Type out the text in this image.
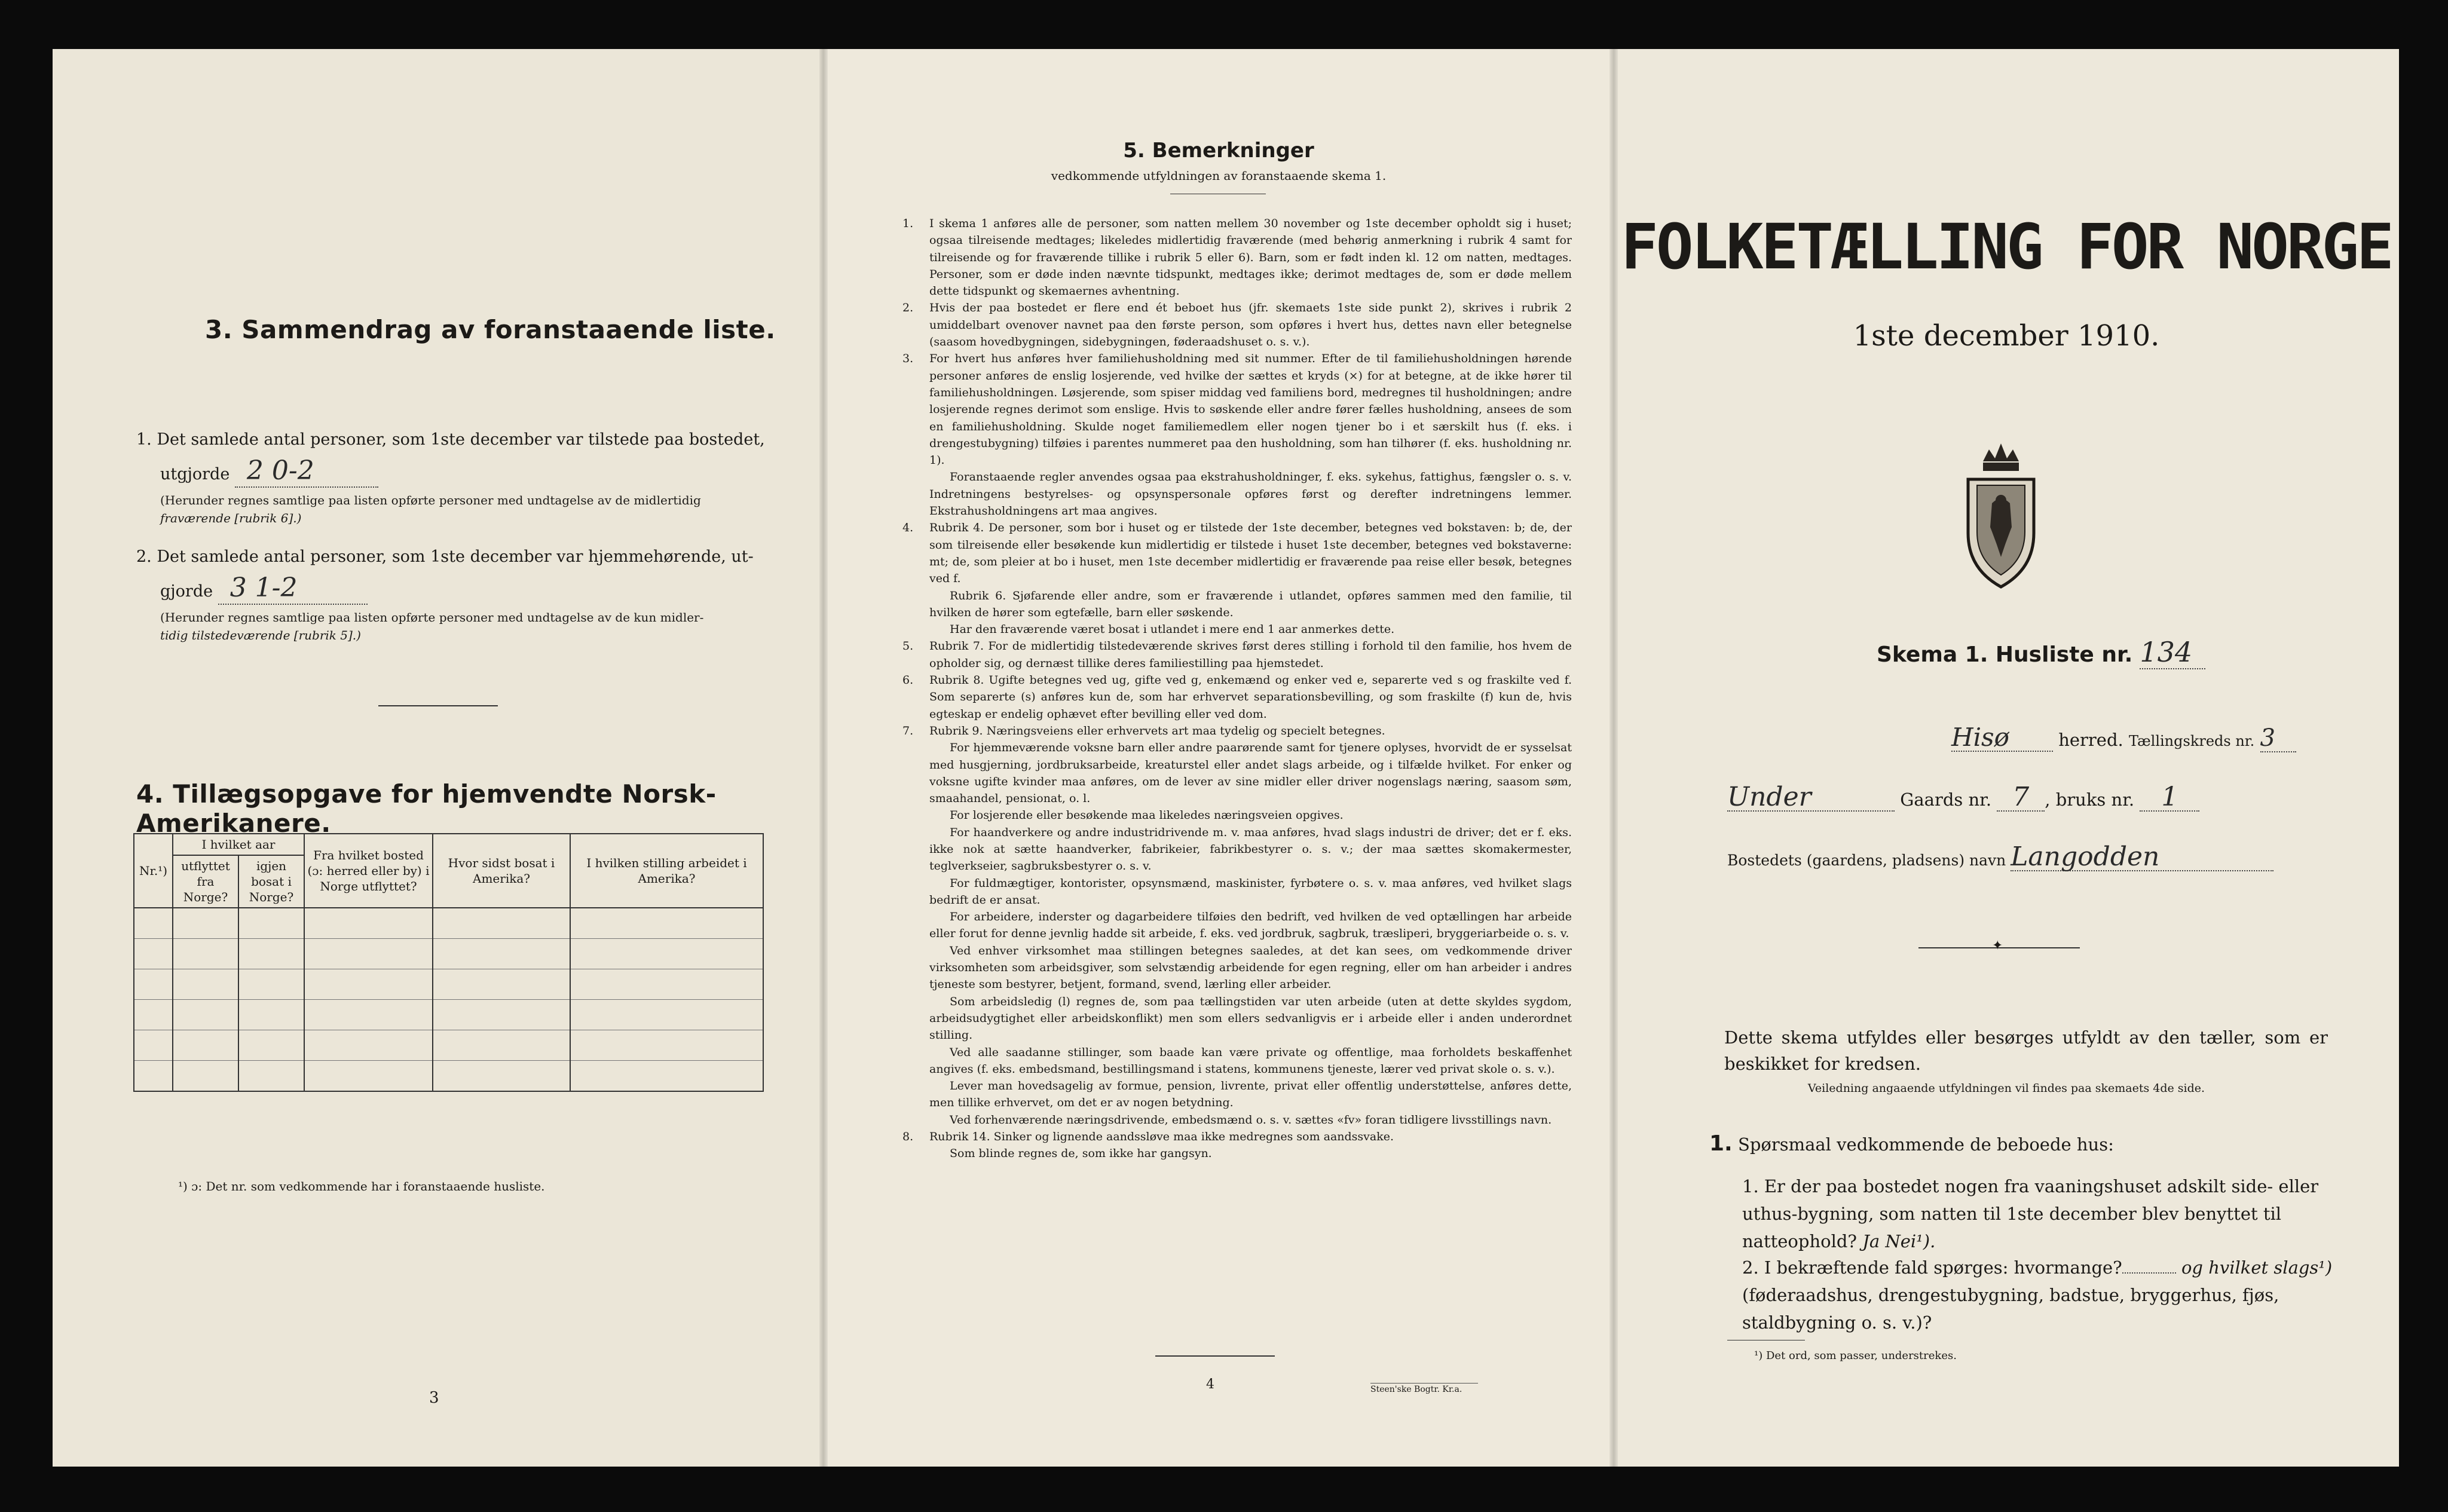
3. Sammendrag av foranstaaende liste.
1. Det samlede antal personer, som 1ste december var tilstede paa bostedet,
utgjorde 2 0-2
(Herunder regnes samtlige paa listen opførte personer med undtagelse av de midlertidig
fraværende [rubrik 6].)
2. Det samlede antal personer, som 1ste december var hjemmehørende, ut-
gjorde 3 1-2
(Herunder regnes samtlige paa listen opførte personer med undtagelse av de kun midler-
tidig tilstedeværende [rubrik 5].)
4. Tillægsopgave for hjemvendte Norsk-Amerikanere.
Nr.¹)	I hvilket aar		Fra hvilket bosted (ɔ: herred eller by) i Norge utflyttet?	Hvor sidst bosat i Amerika?	I hvilken stilling arbeidet i Amerika?
	utflyttet fra Norge?	igjen bosat i Norge?			

¹) ɔ: Det nr. som vedkommende har i foranstaaende husliste.
3
5. Bemerkninger
vedkommende utfyldningen av foranstaaende skema 1.

1. I skema 1 anføres alle de personer, som natten mellem 30 november og 1ste december opholdt sig i huset; ogsaa tilreisende medtages; likeledes midlertidig fraværende (med behørig anmerkning i rubrik 4 samt for tilreisende og for fraværende tillike i rubrik 5 eller 6). Barn, som er født inden kl. 12 om natten, medtages. Personer, som er døde inden nævnte tidspunkt, medtages ikke; derimot medtages de, som er døde mellem dette tidspunkt og skemaernes avhentning.

2. Hvis der paa bostedet er flere end ét beboet hus (jfr. skemaets 1ste side punkt 2), skrives i rubrik 2 umiddelbart ovenover navnet paa den første person, som opføres i hvert hus, dettes navn eller betegnelse (saasom hovedbygningen, sidebygningen, føderaadshuset o. s. v.).

3. For hvert hus anføres hver familiehusholdning med sit nummer. Efter de til familiehusholdningen hørende personer anføres de enslig losjerende, ved hvilke der sættes et kryds (×) for at betegne, at de ikke hører til familiehusholdningen. Løsjerende, som spiser middag ved familiens bord, medregnes til husholdningen; andre losjerende regnes derimot som enslige. Hvis to søskende eller andre fører fælles husholdning, ansees de som en familiehusholdning. Skulde noget familiemedlem eller nogen tjener bo i et særskilt hus (f. eks. i drengestubygning) tilføies i parentes nummeret paa den husholdning, som han tilhører (f. eks. husholdning nr. 1).

Foranstaaende regler anvendes ogsaa paa ekstrahusholdninger, f. eks. sykehus, fattighus, fængsler o. s. v. Indretningens bestyrelses- og opsynspersonale opføres først og derefter indretningens lemmer. Ekstrahusholdningens art maa angives.

4. Rubrik 4. De personer, som bor i huset og er tilstede der 1ste december, betegnes ved bokstaven: b; de, der som tilreisende eller besøkende kun midlertidig er tilstede i huset 1ste december, betegnes ved bokstaverne: mt; de, som pleier at bo i huset, men 1ste december midlertidig er fraværende paa reise eller besøk, betegnes ved f.

Rubrik 6. Sjøfarende eller andre, som er fraværende i utlandet, opføres sammen med den familie, til hvilken de hører som egtefælle, barn eller søskende.

Har den fraværende været bosat i utlandet i mere end 1 aar anmerkes dette.

5. Rubrik 7. For de midlertidig tilstedeværende skrives først deres stilling i forhold til den familie, hos hvem de opholder sig, og dernæst tillike deres familiestilling paa hjemstedet.

6. Rubrik 8. Ugifte betegnes ved ug, gifte ved g, enkemænd og enker ved e, separerte ved s og fraskilte ved f. Som separerte (s) anføres kun de, som har erhvervet separationsbevilling, og som fraskilte (f) kun de, hvis egteskap er endelig ophævet efter bevilling eller ved dom.

7. Rubrik 9. Næringsveiens eller erhvervets art maa tydelig og specielt betegnes.

For hjemmeværende voksne barn eller andre paarørende samt for tjenere oplyses, hvorvidt de er sysselsat med husgjerning, jordbruksarbeide, kreaturstel eller andet slags arbeide, og i tilfælde hvilket. For enker og voksne ugifte kvinder maa anføres, om de lever av sine midler eller driver nogenslags næring, saasom søm, smaahandel, pensionat, o. l.

For losjerende eller besøkende maa likeledes næringsveien opgives.

For haandverkere og andre industridrivende m. v. maa anføres, hvad slags industri de driver; det er f. eks. ikke nok at sætte haandverker, fabrikeier, fabrikbestyrer o. s. v.; der maa sættes skomakermester, teglverkseier, sagbruksbestyrer o. s. v.

For fuldmægtiger, kontorister, opsynsmænd, maskinister, fyrbøtere o. s. v. maa anføres, ved hvilket slags bedrift de er ansat.

For arbeidere, inderster og dagarbeidere tilføies den bedrift, ved hvilken de ved optællingen har arbeide eller forut for denne jevnlig hadde sit arbeide, f. eks. ved jordbruk, sagbruk, træsliperi, bryggeriarbeide o. s. v.

Ved enhver virksomhet maa stillingen betegnes saaledes, at det kan sees, om vedkommende driver virksomheten som arbeidsgiver, som selvstændig arbeidende for egen regning, eller om han arbeider i andres tjeneste som bestyrer, betjent, formand, svend, lærling eller arbeider.

Som arbeidsledig (l) regnes de, som paa tællingstiden var uten arbeide (uten at dette skyldes sygdom, arbeidsudygtighet eller arbeidskonflikt) men som ellers sedvanligvis er i arbeide eller i anden underordnet stilling.

Ved alle saadanne stillinger, som baade kan være private og offentlige, maa forholdets beskaffenhet angives (f. eks. embedsmand, bestillingsmand i statens, kommunens tjeneste, lærer ved privat skole o. s. v.).

Lever man hovedsagelig av formue, pension, livrente, privat eller offentlig understøttelse, anføres dette, men tillike erhvervet, om det er av nogen betydning.

Ved forhenværende næringsdrivende, embedsmænd o. s. v. sættes «fv» foran tidligere livsstillings navn.

8. Rubrik 14. Sinker og lignende aandssløve maa ikke medregnes som aandssvake.

Som blinde regnes de, som ikke har gangsyn.

4	Steen'ske Bogtr. Kr.a.
FOLKETÆLLING FOR NORGE
1ste december 1910.
Skema 1. Husliste nr. 134
Hisø	herred. Tællingskreds nr. 3
Under	Gaards nr. 7 , bruks nr. 1
Bostedets (gaardens, pladsens) navn Langodden
✦
Dette skema utfyldes eller besørges utfyldt av den tæller, som er beskikket for kredsen.
Veiledning angaaende utfyldningen vil findes paa skemaets 4de side.
1. Spørsmaal vedkommende de beboede hus:
1. Er der paa bostedet nogen fra vaaningshuset adskilt side- eller uthus-bygning, som natten til 1ste december blev benyttet til natteophold? Ja Nei¹).
2. I bekræftende fald spørges: hvormange?	og hvilket slags¹) (føderaadshus, drengestubygning, badstue, bryggerhus, fjøs, staldbygning o. s. v.)?
¹) Det ord, som passer, understrekes.
